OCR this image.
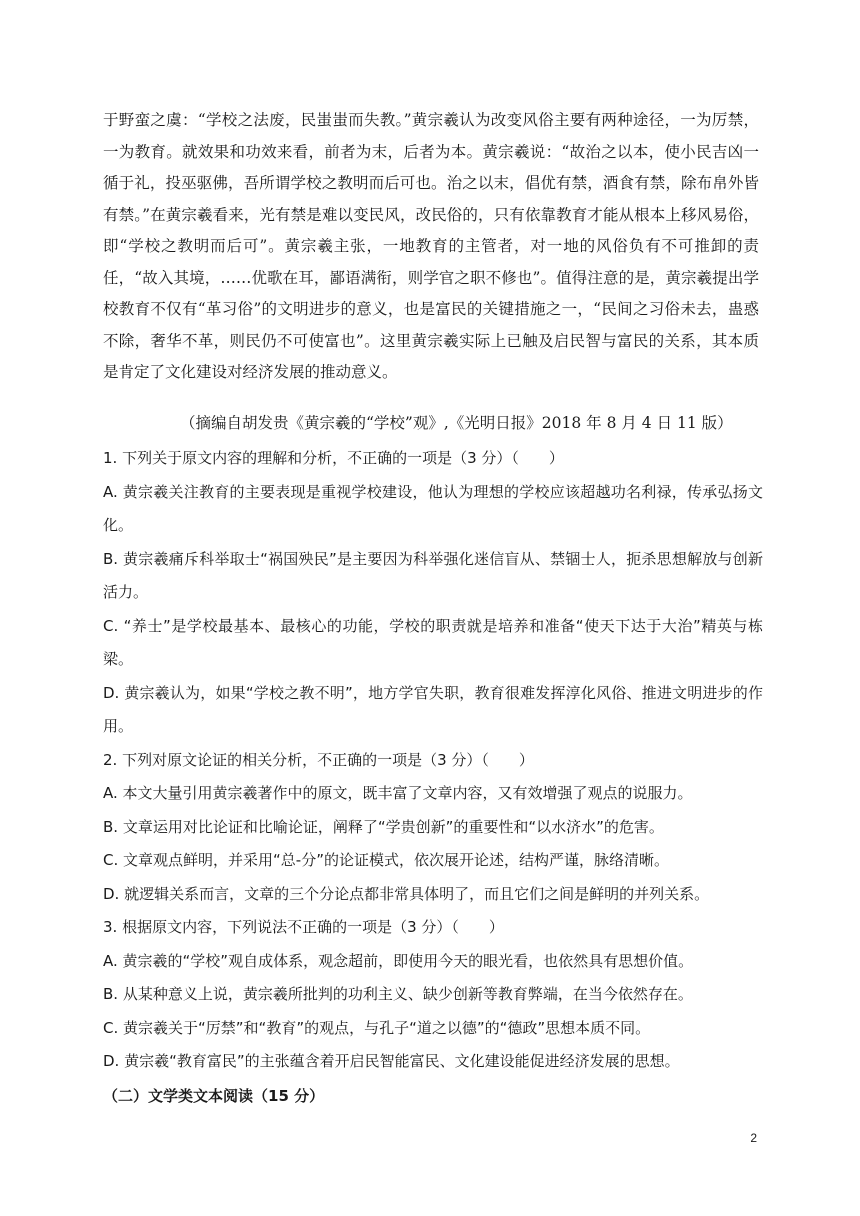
于野蛮之虞：“学校之法废，民蚩蚩而失教。”黄宗羲认为改变风俗主要有两种途径，一为厉禁，一为教育。就效果和功效来看，前者为末，后者为本。黄宗羲说：“故治之以本，使小民吉凶一循于礼，投巫驱佛，吾所谓学校之教明而后可也。治之以末，倡优有禁，酒食有禁，除布帛外皆有禁。”在黄宗羲看来，光有禁是难以变民风，改民俗的，只有依靠教育才能从根本上移风易俗，即“学校之教明而后可”。黄宗羲主张，一地教育的主管者，对一地的风俗负有不可推卸的责任，“故入其境，……优歌在耳，鄙语满衔，则学官之职不修也”。值得注意的是，黄宗羲提出学校教育不仅有“革习俗”的文明进步的意义，也是富民的关键措施之一，“民间之习俗未去，蛊惑不除，奢华不革，则民仍不可使富也”。这里黄宗羲实际上已触及启民智与富民的关系，其本质是肯定了文化建设对经济发展的推动意义。
（摘编自胡发贵《黄宗羲的“学校”观》,《光明日报》2018 年 8 月 4 日 11 版）

1. 下列关于原文内容的理解和分析，不正确的一项是（3 分）（　　）

A. 黄宗羲关注教育的主要表现是重视学校建设，他认为理想的学校应该超越功名利禄，传承弘扬文化。

B. 黄宗羲痛斥科举取士“祸国殃民”是主要因为科举强化迷信盲从、禁锢士人，扼杀思想解放与创新活力。

C. “养士”是学校最基本、最核心的功能，学校的职责就是培养和准备“使天下达于大治”精英与栋梁。

D. 黄宗羲认为，如果“学校之教不明”，地方学官失职，教育很难发挥淳化风俗、推进文明进步的作用。

2. 下列对原文论证的相关分析，不正确的一项是（3 分）（　　）

A. 本文大量引用黄宗羲著作中的原文，既丰富了文章内容，又有效增强了观点的说服力。

B. 文章运用对比论证和比喻论证，阐释了“学贵创新”的重要性和“以水济水”的危害。

C. 文章观点鲜明，并采用“总-分”的论证模式，依次展开论述，结构严谨，脉络清晰。

D. 就逻辑关系而言，文章的三个分论点都非常具体明了，而且它们之间是鲜明的并列关系。

3. 根据原文内容，下列说法不正确的一项是（3 分）（　　）

A. 黄宗羲的“学校”观自成体系，观念超前，即使用今天的眼光看，也依然具有思想价值。

B. 从某种意义上说，黄宗羲所批判的功利主义、缺少创新等教育弊端，在当今依然存在。

C. 黄宗羲关于“厉禁”和“教育”的观点，与孔子“道之以德”的“德政”思想本质不同。

D. 黄宗羲“教育富民”的主张蕴含着开启民智能富民、文化建设能促进经济发展的思想。

（二）文学类文本阅读（15 分）
2
